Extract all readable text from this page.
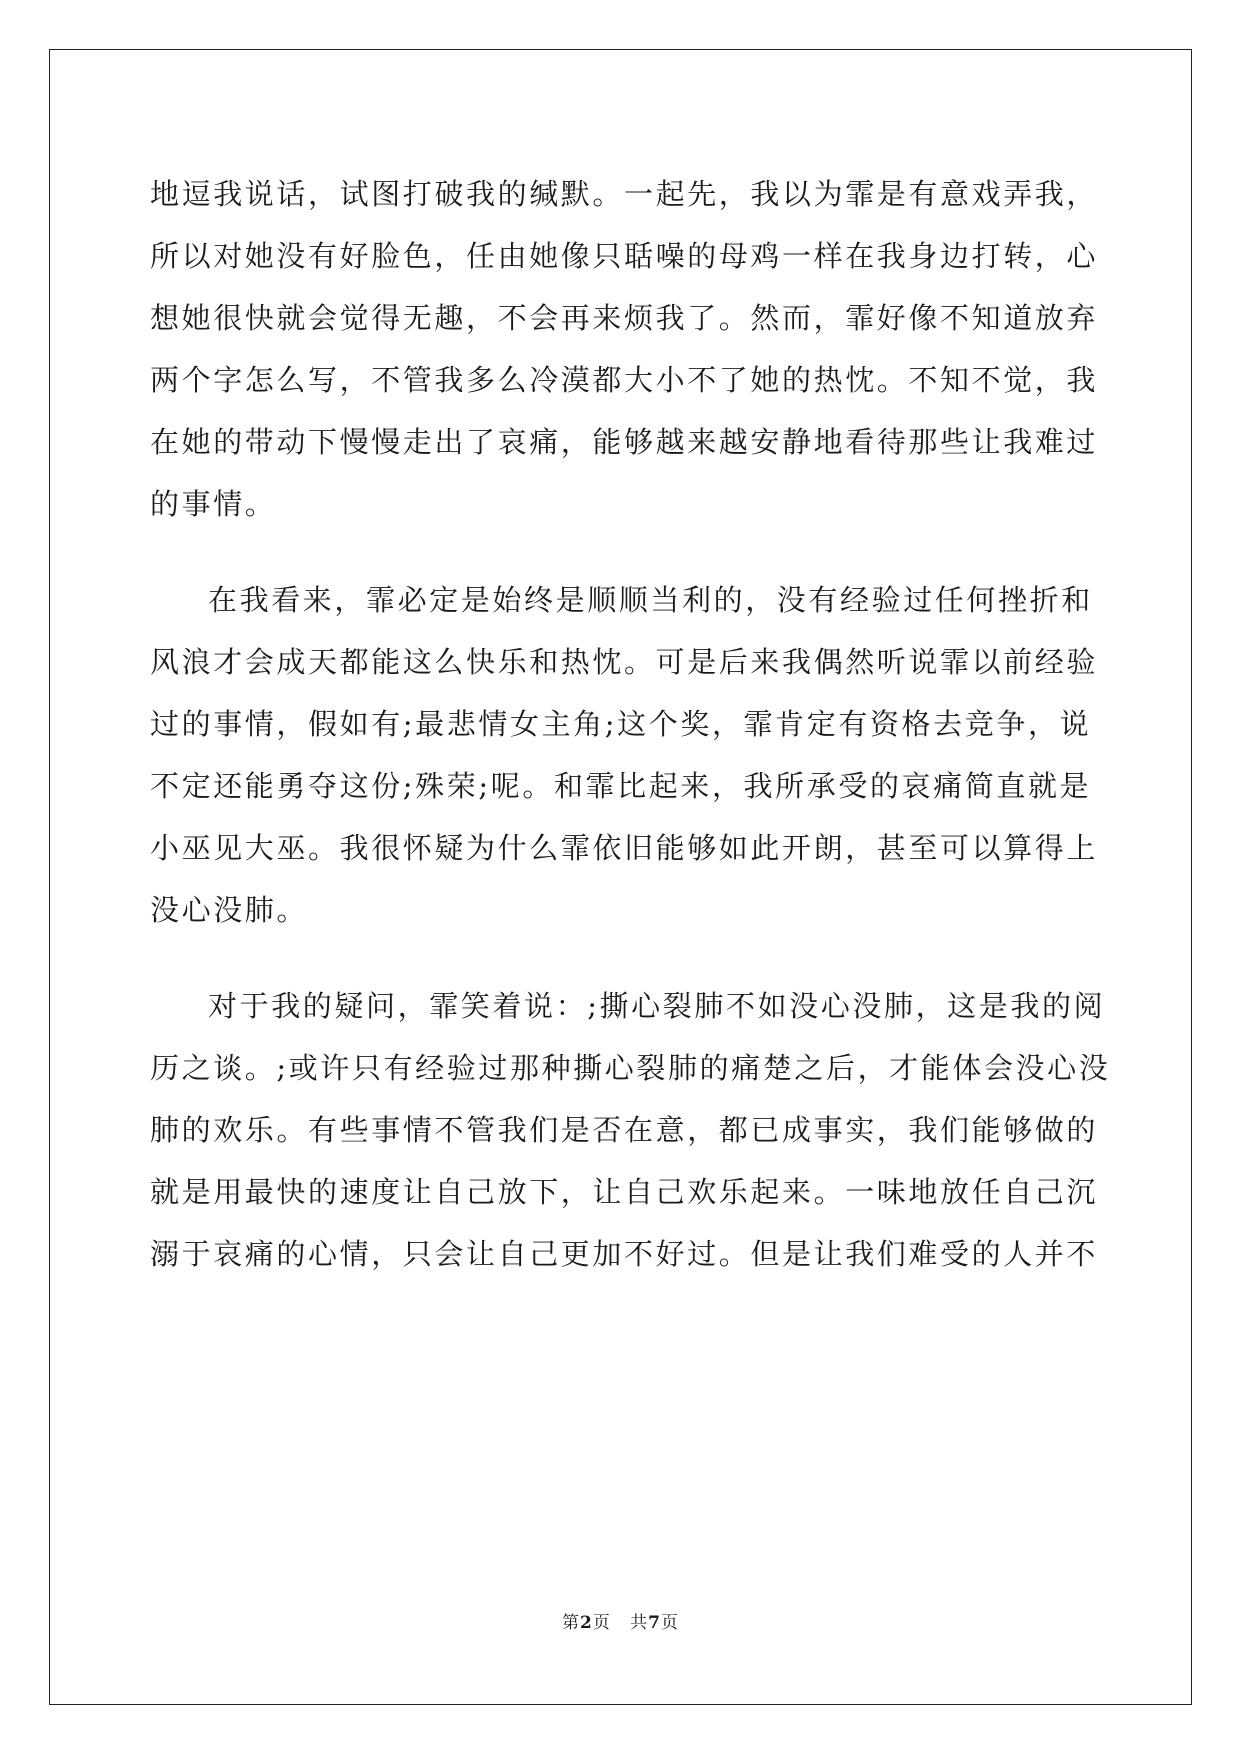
地逗我说话，试图打破我的缄默。一起先，我以为霏是有意戏弄我，
所以对她没有好脸色，任由她像只聒噪的母鸡一样在我身边打转，心
想她很快就会觉得无趣，不会再来烦我了。然而，霏好像不知道放弃
两个字怎么写，不管我多么冷漠都大小不了她的热忱。不知不觉，我
在她的带动下慢慢走出了哀痛，能够越来越安静地看待那些让我难过
的事情。
在我看来，霏必定是始终是顺顺当利的，没有经验过任何挫折和
风浪才会成天都能这么快乐和热忱。可是后来我偶然听说霏以前经验
过的事情，假如有;最悲情女主角;这个奖，霏肯定有资格去竞争，说
不定还能勇夺这份;殊荣;呢。和霏比起来，我所承受的哀痛简直就是
小巫见大巫。我很怀疑为什么霏依旧能够如此开朗，甚至可以算得上
没心没肺。
对于我的疑问，霏笑着说：;撕心裂肺不如没心没肺，这是我的阅
历之谈。;或许只有经验过那种撕心裂肺的痛楚之后，才能体会没心没
肺的欢乐。有些事情不管我们是否在意，都已成事实，我们能够做的
就是用最快的速度让自己放下，让自己欢乐起来。一味地放任自己沉
溺于哀痛的心情，只会让自己更加不好过。但是让我们难受的人并不
第2页 共7页
